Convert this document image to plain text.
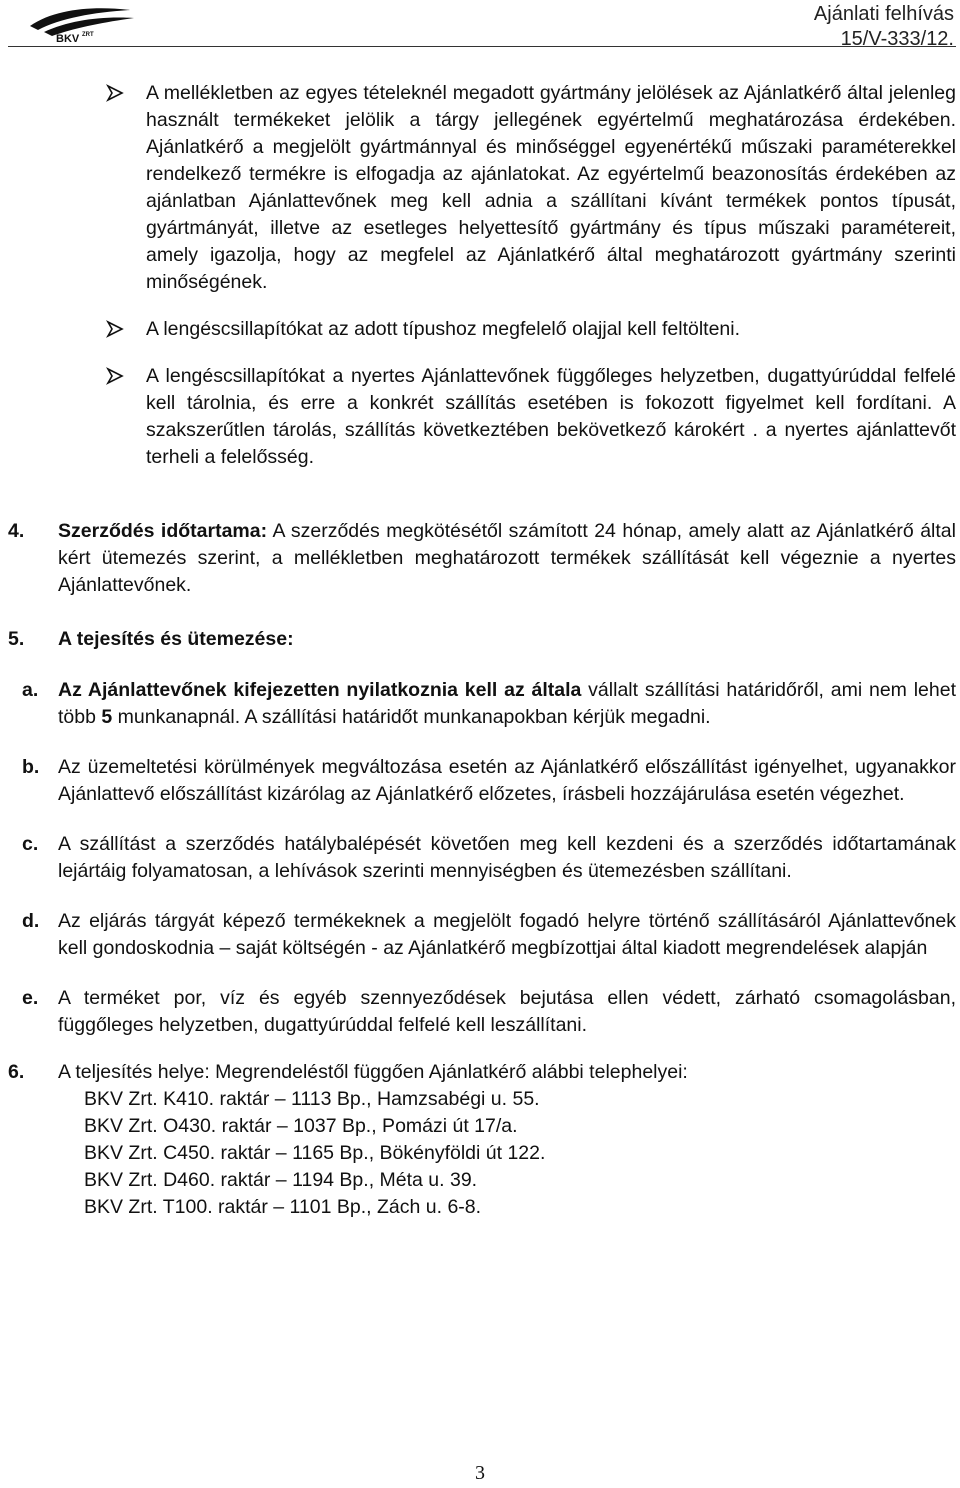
BKV ZRT
Ajánlati felhívás
15/V-333/12.
A mellékletben az egyes tételeknél megadott gyártmány jelölések az Ajánlatkérő által jelenleg használt termékeket jelölik a tárgy jellegének egyértelmű meghatározása érdekében. Ajánlatkérő a megjelölt gyártmánnyal és minőséggel egyenértékű műszaki paraméterekkel rendelkező termékre is elfogadja az ajánlatokat. Az egyértelmű beazonosítás érdekében az ajánlatban Ajánlattevőnek meg kell adnia a szállítani kívánt termékek pontos típusát, gyártmányát, illetve az esetleges helyettesítő gyártmány és típus műszaki paramétereit, amely igazolja, hogy az megfelel az Ajánlatkérő által meghatározott gyártmány szerinti minőségének.
A lengéscsillapítókat az adott típushoz megfelelő olajjal kell feltölteni.
A lengéscsillapítókat a nyertes Ajánlattevőnek függőleges helyzetben, dugattyúrúddal felfelé kell tárolnia, és erre a konkrét szállítás esetében is fokozott figyelmet kell fordítani. A szakszerűtlen tárolás, szállítás következtében bekövetkező károkért . a nyertes ajánlattevőt terheli a felelősség.
4. Szerződés időtartama: A szerződés megkötésétől számított 24 hónap, amely alatt az Ajánlatkérő által kért ütemezés szerint, a mellékletben meghatározott termékek szállítását kell végeznie a nyertes Ajánlattevőnek.
5. A tejesítés és ütemezése:
a. Az Ajánlattevőnek kifejezetten nyilatkoznia kell az általa vállalt szállítási határidőről, ami nem lehet több 5 munkanapnál. A szállítási határidőt munkanapokban kérjük megadni.
b. Az üzemeltetési körülmények megváltozása esetén az Ajánlatkérő előszállítást igényelhet, ugyanakkor Ajánlattevő előszállítást kizárólag az Ajánlatkérő előzetes, írásbeli hozzájárulása esetén végezhet.
c. A szállítást a szerződés hatálybalépését követően meg kell kezdeni és a szerződés időtartamának lejártáig folyamatosan, a lehívások szerinti mennyiségben és ütemezésben szállítani.
d. Az eljárás tárgyát képező termékeknek a megjelölt fogadó helyre történő szállításáról Ajánlattevőnek kell gondoskodnia – saját költségén - az Ajánlatkérő megbízottjai által kiadott megrendelések alapján
e. A terméket por, víz és egyéb szennyeződések bejutása ellen védett, zárható csomagolásban, függőleges helyzetben, dugattyúrúddal felfelé kell leszállítani.
6. A teljesítés helye: Megrendeléstől függően Ajánlatkérő alábbi telephelyei:
BKV Zrt. K410. raktár – 1113 Bp., Hamzsabégi u. 55.
BKV Zrt. O430. raktár – 1037 Bp., Pomázi út 17/a.
BKV Zrt. C450. raktár – 1165 Bp., Bökényföldi út 122.
BKV Zrt. D460. raktár – 1194 Bp., Méta u. 39.
BKV Zrt. T100. raktár – 1101 Bp., Zách u. 6-8.
3
